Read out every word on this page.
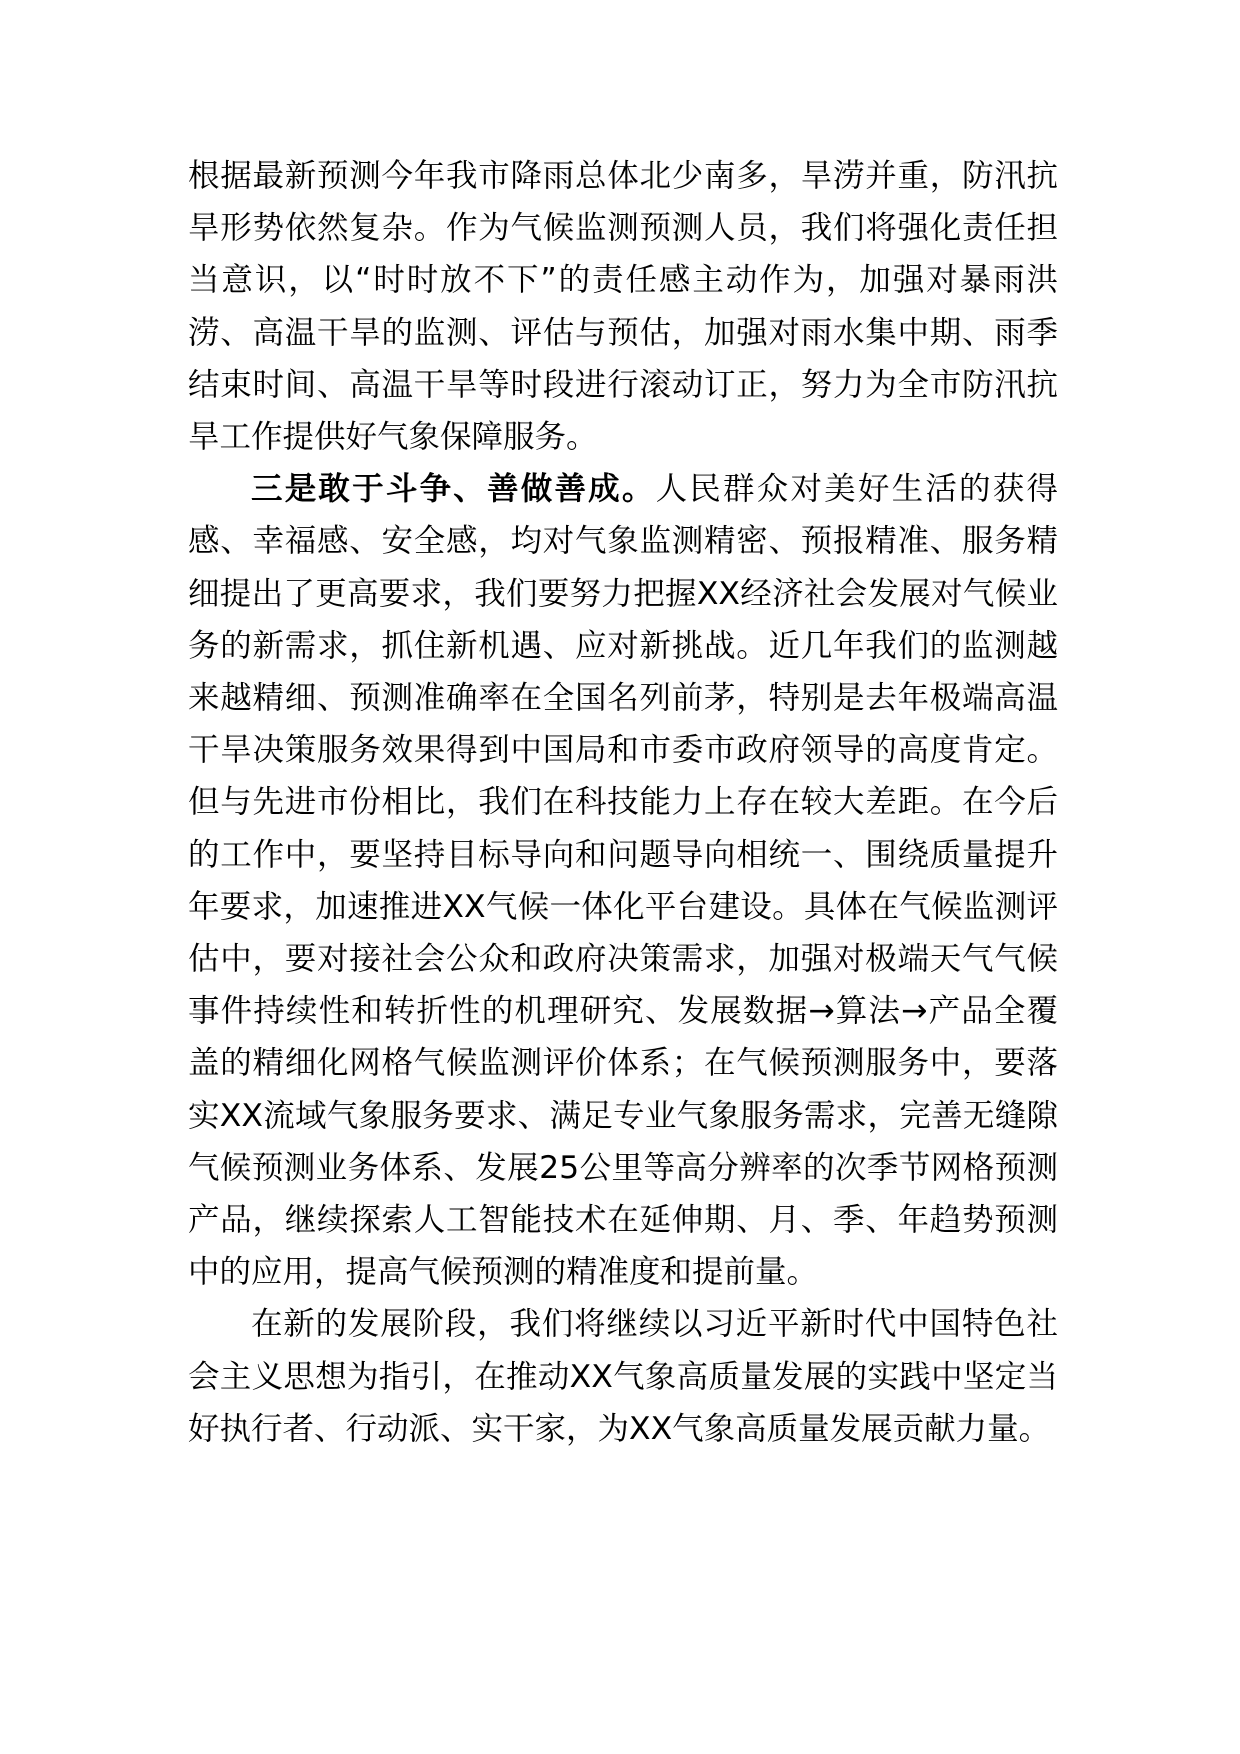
根据最新预测今年我市降雨总体北少南多，旱涝并重，防汛抗旱形势依然复杂。作为气候监测预测人员，我们将强化责任担当意识，以“时时放不下”的责任感主动作为，加强对暴雨洪涝、高温干旱的监测、评估与预估，加强对雨水集中期、雨季结束时间、高温干旱等时段进行滚动订正，努力为全市防汛抗旱工作提供好气象保障服务。

三是敢于斗争、善做善成。人民群众对美好生活的获得感、幸福感、安全感，均对气象监测精密、预报精准、服务精细提出了更高要求，我们要努力把握XX经济社会发展对气候业务的新需求，抓住新机遇、应对新挑战。近几年我们的监测越来越精细、预测准确率在全国名列前茅，特别是去年极端高温干旱决策服务效果得到中国局和市委市政府领导的高度肯定。但与先进市份相比，我们在科技能力上存在较大差距。在今后的工作中，要坚持目标导向和问题导向相统一、围绕质量提升年要求，加速推进XX气候一体化平台建设。具体在气候监测评估中，要对接社会公众和政府决策需求，加强对极端天气气候事件持续性和转折性的机理研究、发展数据→算法→产品全覆盖的精细化网格气候监测评价体系；在气候预测服务中，要落实XX流域气象服务要求、满足专业气象服务需求，完善无缝隙气候预测业务体系、发展25公里等高分辨率的次季节网格预测产品，继续探索人工智能技术在延伸期、月、季、年趋势预测中的应用，提高气候预测的精准度和提前量。

在新的发展阶段，我们将继续以习近平新时代中国特色社会主义思想为指引，在推动XX气象高质量发展的实践中坚定当好执行者、行动派、实干家，为XX气象高质量发展贡献力量。
